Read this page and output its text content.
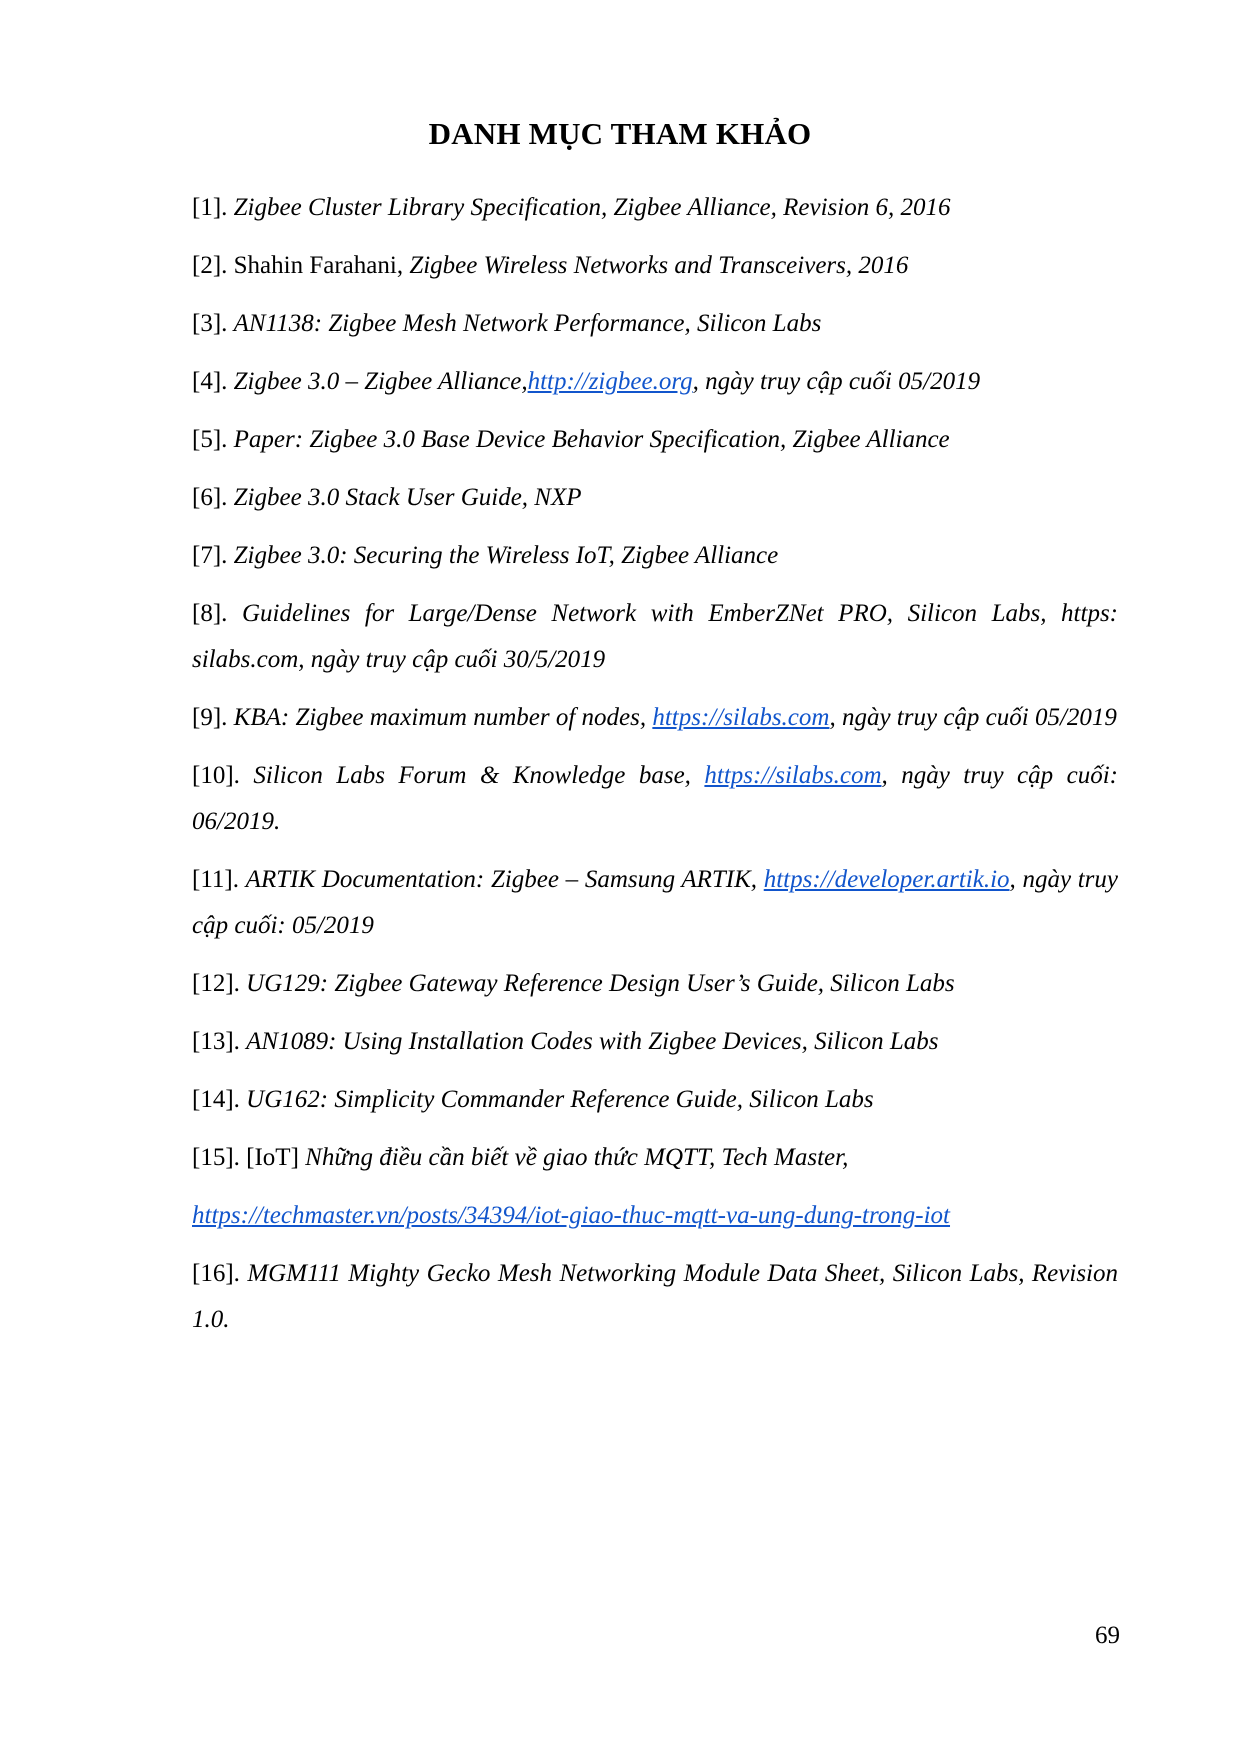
DANH MỤC THAM KHẢO

[1]. Zigbee Cluster Library Specification, Zigbee Alliance, Revision 6, 2016

[2]. Shahin Farahani, Zigbee Wireless Networks and Transceivers, 2016

[3]. AN1138: Zigbee Mesh Network Performance, Silicon Labs

[4]. Zigbee 3.0 – Zigbee Alliance,http://zigbee.org, ngày truy cập cuối 05/2019

[5]. Paper: Zigbee 3.0 Base Device Behavior Specification, Zigbee Alliance

[6]. Zigbee 3.0 Stack User Guide, NXP

[7]. Zigbee 3.0: Securing the Wireless IoT, Zigbee Alliance

[8]. Guidelines for Large/Dense Network with EmberZNet PRO, Silicon Labs, https: silabs.com, ngày truy cập cuối 30/5/2019

[9]. KBA: Zigbee maximum number of nodes, https://silabs.com, ngày truy cập cuối 05/2019

[10]. Silicon Labs Forum & Knowledge base, https://silabs.com, ngày truy cập cuối: 06/2019.

[11]. ARTIK Documentation: Zigbee – Samsung ARTIK, https://developer.artik.io, ngày truy cập cuối: 05/2019

[12]. UG129: Zigbee Gateway Reference Design User’s Guide, Silicon Labs

[13]. AN1089: Using Installation Codes with Zigbee Devices, Silicon Labs

[14]. UG162: Simplicity Commander Reference Guide, Silicon Labs

[15]. [IoT] Những điều cần biết về giao thức MQTT, Tech Master,

https://techmaster.vn/posts/34394/iot-giao-thuc-mqtt-va-ung-dung-trong-iot

[16]. MGM111 Mighty Gecko Mesh Networking Module Data Sheet, Silicon Labs, Revision 1.0.

69
